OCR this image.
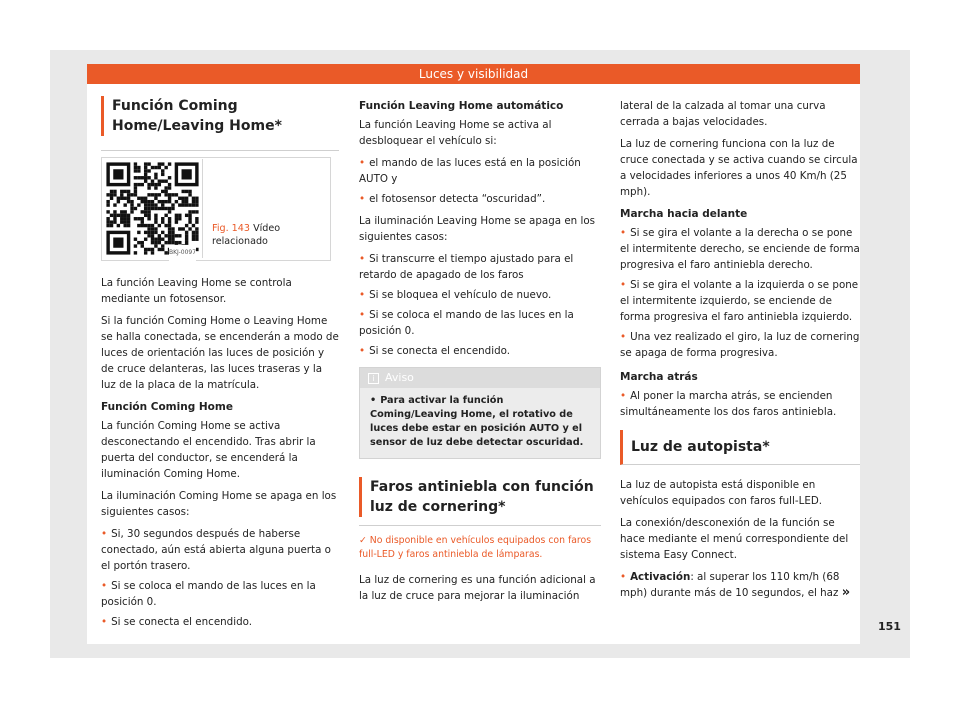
Luces y visibilidad
Función Coming Home/Leaving Home*
Fig. 143 Vídeo relacionado
BKJ-0097

La función Leaving Home se controla mediante un fotosensor.

Si la función Coming Home o Leaving Home se halla conectada, se encenderán a modo de luces de orientación las luces de posición y de cruce delanteras, las luces traseras y la luz de la placa de la matrícula.

Función Coming Home

La función Coming Home se activa desconectando el encendido. Tras abrir la puerta del conductor, se encenderá la iluminación Coming Home.

La iluminación Coming Home se apaga en los siguientes casos:

• Si, 30 segundos después de haberse conectado, aún está abierta alguna puerta o el portón trasero.
• Si se coloca el mando de las luces en la posición 0.
• Si se conecta el encendido.
Función Leaving Home automático

La función Leaving Home se activa al desbloquear el vehículo si:

• el mando de las luces está en la posición AUTO y
• el fotosensor detecta “oscuridad”.

La iluminación Leaving Home se apaga en los siguientes casos:

• Si transcurre el tiempo ajustado para el retardo de apagado de los faros
• Si se bloquea el vehículo de nuevo.
• Si se coloca el mando de las luces en la posición 0.
• Si se conecta el encendido.
i Aviso
• Para activar la función Coming/Leaving Home, el rotativo de luces debe estar en posición AUTO y el sensor de luz debe detectar oscuridad.
Faros antiniebla con función luz de cornering*
✓ No disponible en vehículos equipados con faros full-LED y faros antiniebla de lámparas.

La luz de cornering es una función adicional a la luz de cruce para mejorar la iluminación

lateral de la calzada al tomar una curva cerrada a bajas velocidades.

La luz de cornering funciona con la luz de cruce conectada y se activa cuando se circula a velocidades inferiores a unos 40 Km/h (25 mph).

Marcha hacia delante
• Si se gira el volante a la derecha o se pone el intermitente derecho, se enciende de forma progresiva el faro antiniebla derecho.
• Si se gira el volante a la izquierda o se pone el intermitente izquierdo, se enciende de forma progresiva el faro antiniebla izquierdo.
• Una vez realizado el giro, la luz de cornering se apaga de forma progresiva.
Marcha atrás
• Al poner la marcha atrás, se encienden simultáneamente los dos faros antiniebla.
Luz de autopista*

La luz de autopista está disponible en vehículos equipados con faros full-LED.

La conexión/desconexión de la función se hace mediante el menú correspondiente del sistema Easy Connect.

• Activación: al superar los 110 km/h (68 mph) durante más de 10 segundos, el haz »
151
